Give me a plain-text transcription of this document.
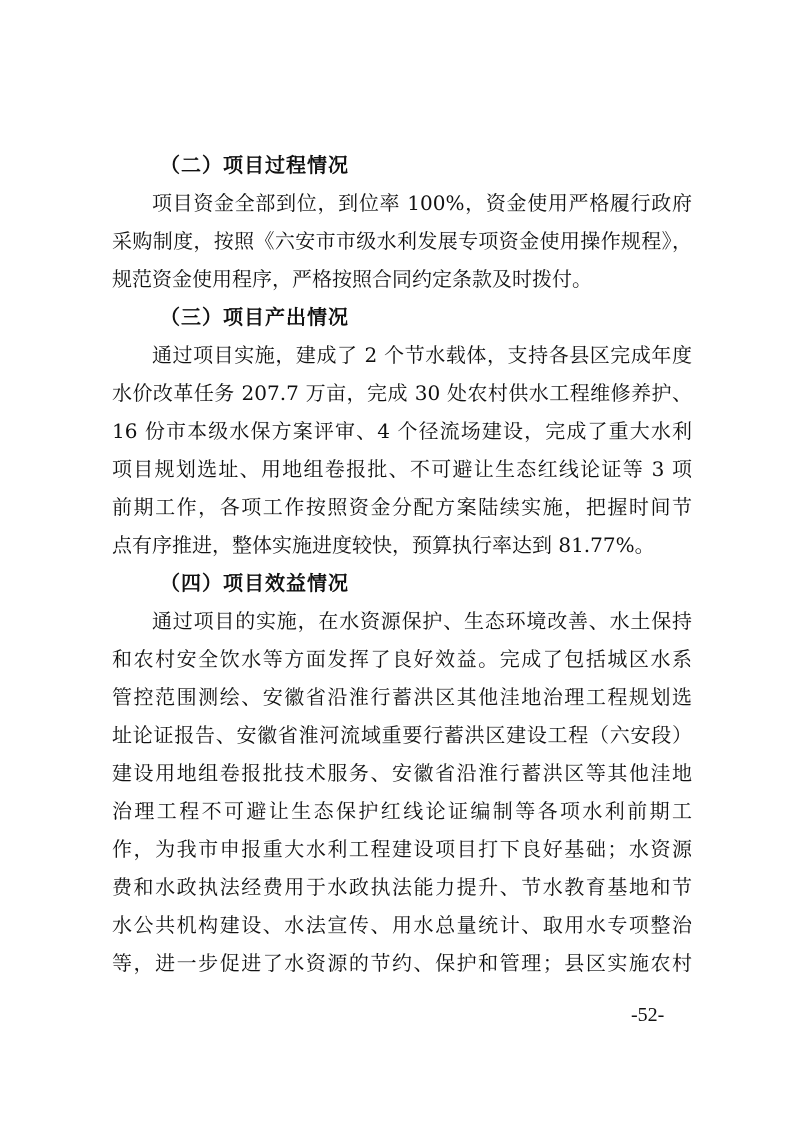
（二）项目过程情况
项目资金全部到位，到位率 100%，资金使用严格履行政府
采购制度，按照《六安市市级水利发展专项资金使用操作规程》，
规范资金使用程序，严格按照合同约定条款及时拨付。
（三）项目产出情况
通过项目实施，建成了 2 个节水载体，支持各县区完成年度
水价改革任务 207.7 万亩，完成 30 处农村供水工程维修养护、
16 份市本级水保方案评审、4 个径流场建设，完成了重大水利
项目规划选址、用地组卷报批、不可避让生态红线论证等 3 项
前期工作，各项工作按照资金分配方案陆续实施，把握时间节
点有序推进，整体实施进度较快，预算执行率达到 81.77%。
（四）项目效益情况
通过项目的实施，在水资源保护、生态环境改善、水土保持
和农村安全饮水等方面发挥了良好效益。完成了包括城区水系
管控范围测绘、安徽省沿淮行蓄洪区其他洼地治理工程规划选
址论证报告、安徽省淮河流域重要行蓄洪区建设工程（六安段）
建设用地组卷报批技术服务、安徽省沿淮行蓄洪区等其他洼地
治理工程不可避让生态保护红线论证编制等各项水利前期工
作，为我市申报重大水利工程建设项目打下良好基础；水资源
费和水政执法经费用于水政执法能力提升、节水教育基地和节
水公共机构建设、水法宣传、用水总量统计、取用水专项整治
等，进一步促进了水资源的节约、保护和管理；县区实施农村
-52-
